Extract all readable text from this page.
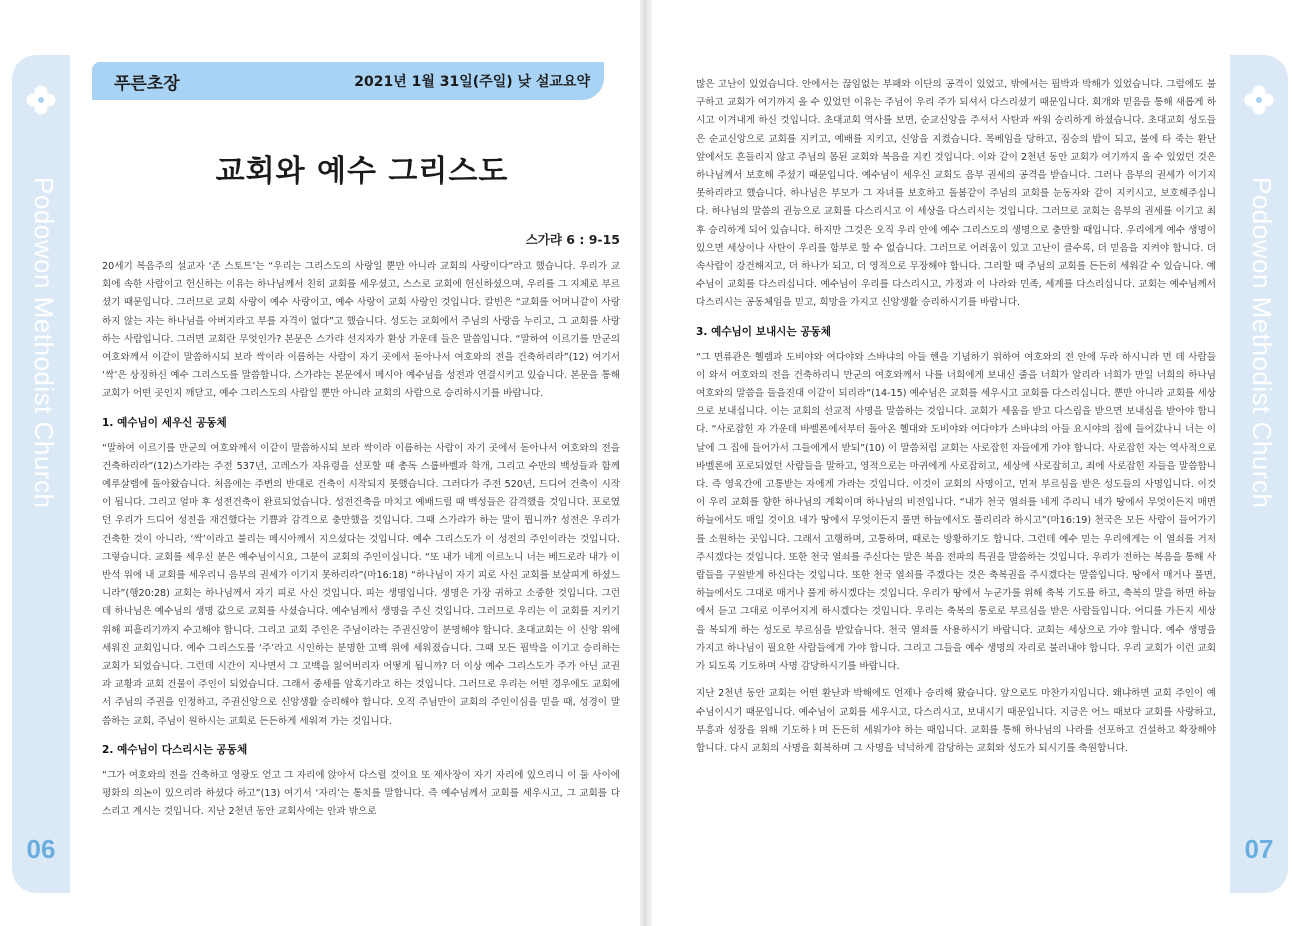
Podowon Methodist Church
06
Podowon Methodist Church
07
푸른초장	2021년 1월 31일(주일) 낮 설교요약
교회와 예수 그리스도
스가랴 6 : 9-15

20세기 복음주의 설교자 ‘존 스토트’는 “우리는 그리스도의 사랑일 뿐만 아니라 교회의 사랑이다”라고 했습니다. 우리가 교회에 속한 사람이고 헌신하는 이유는 하나님께서 친히 교회를 세우셨고, 스스로 교회에 헌신하셨으며, 우리를 그 지체로 부르셨기 때문입니다. 그러므로 교회 사랑이 예수 사랑이고, 예수 사랑이 교회 사랑인 것입니다. 칼빈은 “교회를 어머니같이 사랑하지 않는 자는 하나님을 아버지라고 부를 자격이 없다”고 했습니다. 성도는 교회에서 주님의 사랑을 누리고, 그 교회를 사랑하는 사람입니다. 그러면 교회란 무엇인가? 본문은 스가랴 선지자가 환상 가운데 들은 말씀입니다. “말하여 이르기를 만군의 여호와께서 이같이 말씀하시되 보라 싹이라 이름하는 사람이 자기 곳에서 돋아나서 여호와의 전을 건축하리라”(12) 여기서 ‘싹’은 상징하신 예수 그리스도를 말씀합니다. 스가랴는 본문에서 메시아 예수님을 성전과 연결시키고 있습니다. 본문을 통해 교회가 어떤 곳인지 깨닫고, 예수 그리스도의 사람일 뿐만 아니라 교회의 사람으로 승리하시기를 바랍니다.

1. 예수님이 세우신 공동체

“말하여 이르기를 만군의 여호와께서 이같이 말씀하시되 보라 싹이라 이름하는 사람이 자기 곳에서 돋아나서 여호와의 전을 건축하리라”(12)스가랴는 주전 537년, 고레스가 자유령을 선포할 때 총독 스룹바벨과 학개, 그리고 수만의 백성들과 함께 예루살렘에 돌아왔습니다. 처음에는 주변의 반대로 건축이 시작되지 못했습니다. 그러다가 주전 520년, 드디어 건축이 시작이 됩니다. 그리고 얼마 후 성전건축이 완료되었습니다. 성전건축을 마치고 예배드릴 때 백성들은 감격했을 것입니다. 포로였던 우리가 드디어 성전을 재건했다는 기쁨과 감격으로 충만했을 것입니다. 그때 스가랴가 하는 말이 뭡니까? 성전은 우리가 건축한 것이 아니라, ‘싹’이라고 불리는 메시아께서 지으셨다는 것입니다. 예수 그리스도가 이 성전의 주인이라는 것입니다. 그렇습니다. 교회를 세우신 분은 예수님이시요, 그분이 교회의 주인이십니다. “또 내가 네게 이르노니 너는 베드로라 내가 이 반석 위에 내 교회를 세우리니 음부의 권세가 이기지 못하리라”(마16:18) “하나님이 자기 피로 사신 교회를 보살피게 하셨느니라”(행20:28) 교회는 하나님께서 자기 피로 사신 것입니다. 피는 생명입니다. 생명은 가장 귀하고 소중한 것입니다. 그런데 하나님은 예수님의 생명 값으로 교회를 사셨습니다. 예수님께서 생명을 주신 것입니다. 그러므로 우리는 이 교회를 지키기 위해 피흘리기까지 수고해야 합니다. 그리고 교회 주인은 주님이라는 주권신앙이 분명해야 합니다. 초대교회는 이 신앙 위에 세워진 교회입니다. 예수 그리스도를 ‘주’라고 시인하는 분명한 고백 위에 세워졌습니다. 그때 모든 핍박을 이기고 승리하는 교회가 되었습니다. 그런데 시간이 지나면서 그 고백을 잃어버리자 어떻게 됩니까? 더 이상 예수 그리스도가 주가 아닌 교권과 교황과 교회 건물이 주인이 되었습니다. 그래서 중세를 암흑기라고 하는 것입니다. 그러므로 우리는 어떤 경우에도 교회에서 주님의 주권을 인정하고, 주권신앙으로 신앙생활 승리해야 합니다. 오직 주님만이 교회의 주인이심을 믿을 때, 성경이 말씀하는 교회, 주님이 원하시는 교회로 든든하게 세워져 가는 것입니다.

2. 예수님이 다스리시는 공동체

“그가 여호와의 전을 건축하고 영광도 얻고 그 자리에 앉아서 다스릴 것이요 또 제사장이 자기 자리에 있으리니 이 둘 사이에 평화의 의논이 있으리라 하셨다 하고”(13) 여기서 ‘자리’는 통치를 말합니다. 즉 예수님께서 교회를 세우시고, 그 교회를 다스리고 계시는 것입니다. 지난 2천년 동안 교회사에는 안과 밖으로

많은 고난이 있었습니다. 안에서는 끊임없는 부패와 이단의 공격이 있었고, 밖에서는 핍박과 박해가 있었습니다. 그럼에도 불구하고 교회가 여기까지 올 수 있었던 이유는 주님이 우리 주가 되셔서 다스리셨기 때문입니다. 회개와 믿음을 통해 새롭게 하시고 이겨내게 하신 것입니다. 초대교회 역사를 보면, 순교신앙을 주셔서 사탄과 싸워 승리하게 하셨습니다. 초대교회 성도들은 순교신앙으로 교회를 지키고, 예배를 지키고, 신앙을 지켰습니다. 목베임을 당하고, 짐승의 밥이 되고, 불에 타 죽는 환난 앞에서도 흔들리지 않고 주님의 몸된 교회와 복음을 지킨 것입니다. 이와 같이 2천년 동안 교회가 여기까지 올 수 있었던 것은 하나님께서 보호해 주셨기 때문입니다. 예수님이 세우신 교회도 음부 권세의 공격을 받습니다. 그러나 음부의 권세가 이기지 못하리라고 했습니다. 하나님은 부모가 그 자녀를 보호하고 돌봄같이 주님의 교회를 눈동자와 같이 지키시고, 보호해주십니다. 하나님의 말씀의 권능으로 교회를 다스리시고 이 세상을 다스리시는 것입니다. 그러므로 교회는 음부의 권세를 이기고 최후 승리하게 되어 있습니다. 하지만 그것은 오직 우리 안에 예수 그리스도의 생명으로 충만할 때입니다. 우리에게 예수 생명이 있으면 세상이나 사탄이 우리를 함부로 할 수 없습니다. 그러므로 어려움이 있고 고난이 클수록, 더 믿음을 지켜야 합니다. 더 속사람이 강건해지고, 더 하나가 되고, 더 영적으로 무장해야 합니다. 그리할 때 주님의 교회를 든든히 세워갈 수 있습니다. 예수님이 교회를 다스리십니다. 예수님이 우리를 다스리시고, 가정과 이 나라와 민족, 세계를 다스리십니다. 교회는 예수님께서 다스리시는 공동체임을 믿고, 희망을 가지고 신앙생활 승리하시기를 바랍니다.

3. 예수님이 보내시는 공동체

“그 면류관은 헬렘과 도비야와 여다야와 스바냐의 아들 헨을 기념하기 위하여 여호와의 전 안에 두라 하시니라 먼 데 사람들이 와서 여호와의 전을 건축하리니 만군의 여호와께서 나를 너희에게 보내신 줄을 너희가 알리라 너희가 만일 너희의 하나님 여호와의 말씀을 들을진대 이같이 되리라”(14-15) 예수님은 교회를 세우시고 교회를 다스리십니다. 뿐만 아니라 교회를 세상으로 보내십니다. 이는 교회의 선교적 사명을 말씀하는 것입니다. 교회가 세움을 받고 다스림을 받으면 보내심을 받아야 합니다. “사로잡힌 자 가운데 바벨론에서부터 돌아온 헬대와 도비야와 여다야가 스바냐의 아들 요시야의 집에 들어갔나니 너는 이 날에 그 집에 들어가서 그들에게서 받되”(10) 이 말씀처럼 교회는 사로잡힌 자들에게 가야 합니다. 사로잡힌 자는 역사적으로 바벨론에 포로되었던 사람들을 말하고, 영적으로는 마귀에게 사로잡히고, 세상에 사로잡히고, 죄에 사로잡힌 자들을 말씀합니다. 즉 영육간에 고통받는 자에게 가라는 것입니다. 이것이 교회의 사명이고, 먼저 부르심을 받은 성도들의 사명입니다. 이것이 우리 교회를 향한 하나님의 계획이며 하나님의 비전입니다. “내가 천국 열쇠를 네게 주리니 네가 땅에서 무엇이든지 매면 하늘에서도 매일 것이요 네가 땅에서 무엇이든지 풀면 하늘에서도 풀리리라 하시고”(마16:19) 천국은 모든 사람이 들어가기를 소원하는 곳입니다. 그래서 고행하며, 고통하며, 때로는 방황하기도 합니다. 그런데 예수 믿는 우리에게는 이 열쇠를 거저 주시겠다는 것입니다. 또한 천국 열쇠를 주신다는 말은 복음 전파의 특권을 말씀하는 것입니다. 우리가 전하는 복음을 통해 사람들을 구원받게 하신다는 것입니다. 또한 천국 열쇠를 주겠다는 것은 축복권을 주시겠다는 말씀입니다. 땅에서 매거나 풀면, 하늘에서도 그대로 매거나 풀게 하시겠다는 것입니다. 우리가 땅에서 누군가를 위해 축복 기도를 하고, 축복의 말을 하면 하늘에서 듣고 그대로 이루어지게 하시겠다는 것입니다. 우리는 축복의 통로로 부르심을 받은 사람들입니다. 어디를 가든지 세상을 복되게 하는 성도로 부르심을 받았습니다. 천국 열쇠를 사용하시기 바랍니다. 교회는 세상으로 가야 합니다. 예수 생명을 가지고 하나님이 필요한 사람들에게 가야 합니다. 그리고 그들을 예수 생명의 자리로 불러내야 합니다. 우리 교회가 이런 교회가 되도록 기도하며 사명 감당하시기를 바랍니다.

지난 2천년 동안 교회는 어떤 환난과 박해에도 언제나 승리해 왔습니다. 앞으로도 마찬가지입니다. 왜냐하면 교회 주인이 예수님이시기 때문입니다. 예수님이 교회를 세우시고, 다스리시고, 보내시기 때문입니다. 지금은 어느 때보다 교회를 사랑하고, 부흥과 성장을 위해 기도하ㅏ며 든든히 세워가야 하는 때입니다. 교회를 통해 하나님의 나라를 선포하고 건설하고 확장해야 합니다. 다시 교회의 사명을 회복하며 그 사명을 넉넉하게 감당하는 교회와 성도가 되시기를 축원합니다.
